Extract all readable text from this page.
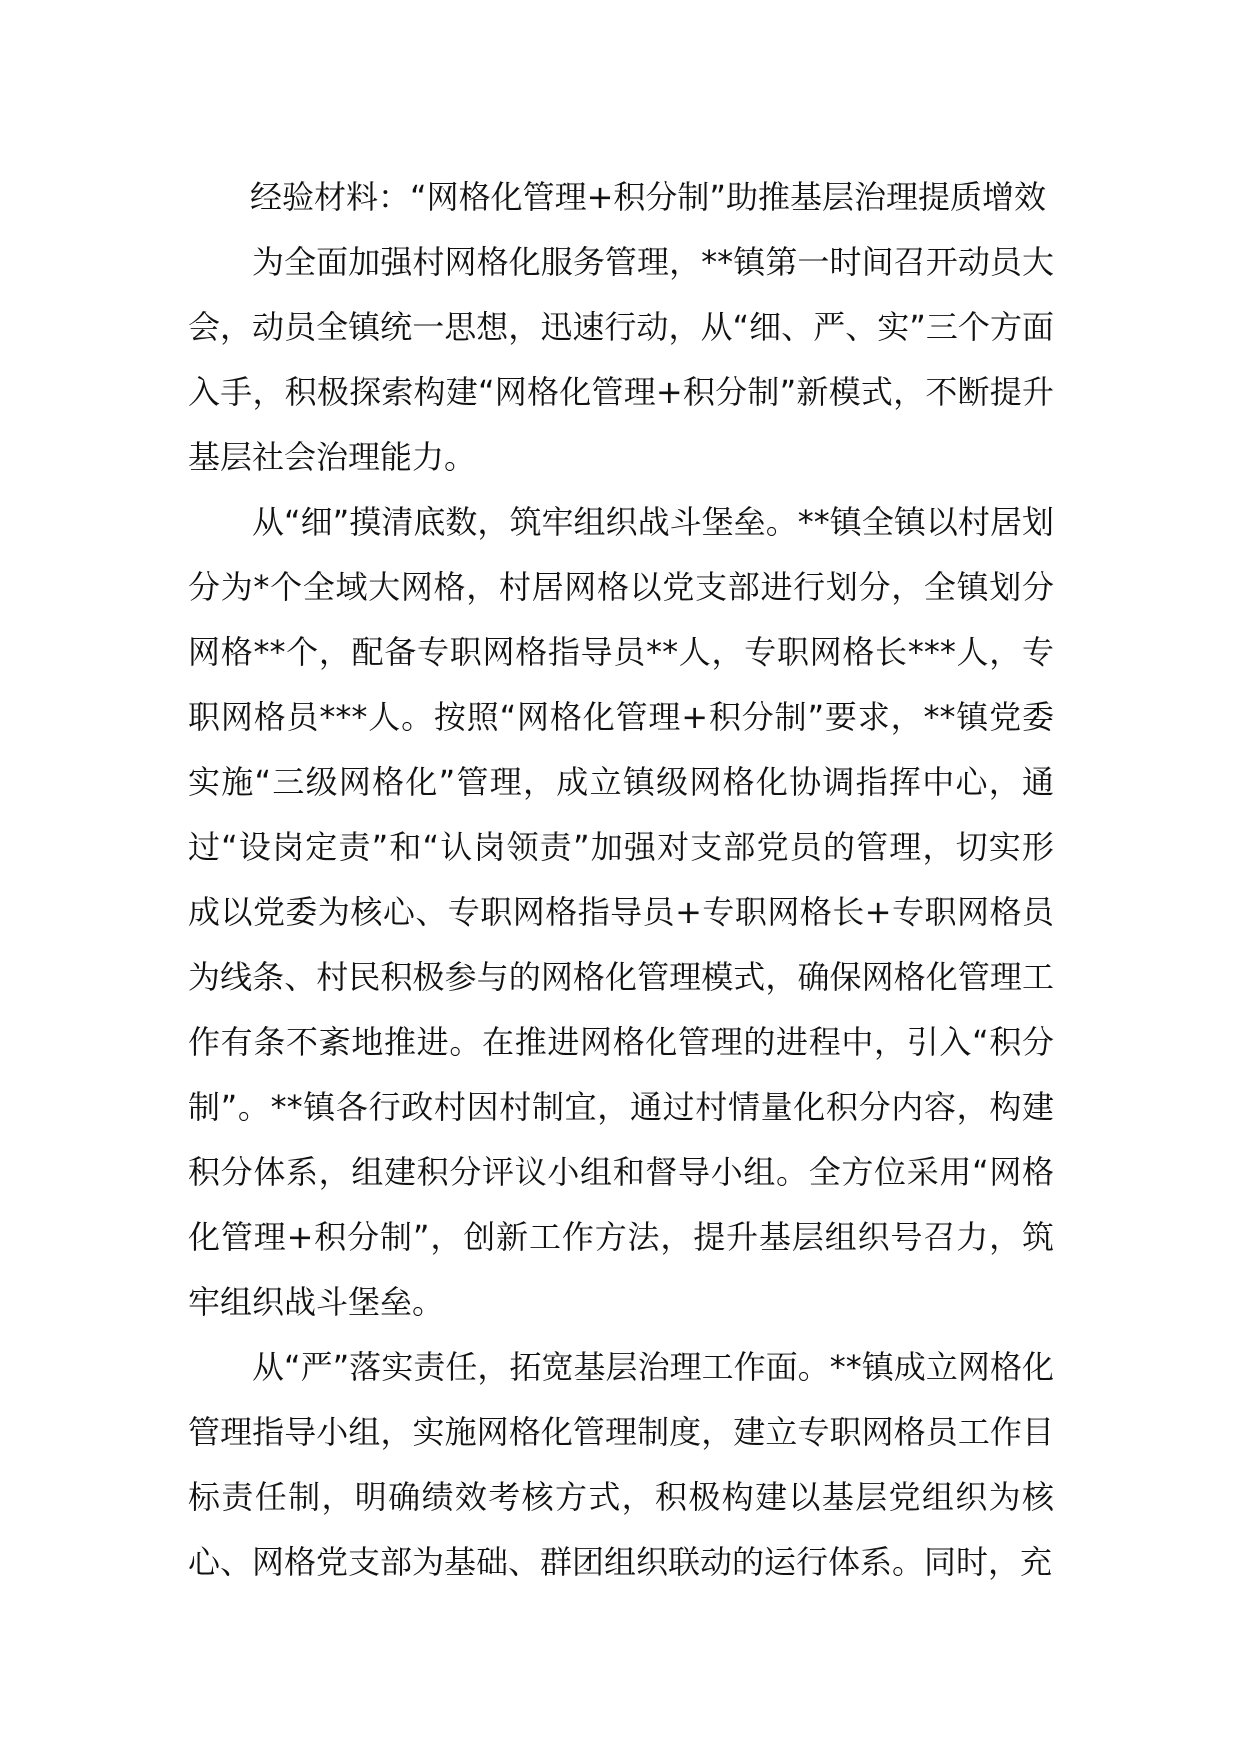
经验材料：“网格化管理+积分制”助推基层治理提质增效

为全面加强村网格化服务管理，**镇第一时间召开动员大会，动员全镇统一思想，迅速行动，从“细、严、实”三个方面入手，积极探索构建“网格化管理+积分制”新模式，不断提升基层社会治理能力。

从“细”摸清底数，筑牢组织战斗堡垒。**镇全镇以村居划分为*个全域大网格，村居网格以党支部进行划分，全镇划分网格**个，配备专职网格指导员**人，专职网格长***人，专职网格员***人。按照“网格化管理+积分制”要求，**镇党委实施“三级网格化”管理，成立镇级网格化协调指挥中心，通过“设岗定责”和“认岗领责”加强对支部党员的管理，切实形成以党委为核心、专职网格指导员+专职网格长+专职网格员为线条、村民积极参与的网格化管理模式，确保网格化管理工作有条不紊地推进。在推进网格化管理的进程中，引入“积分制”。**镇各行政村因村制宜，通过村情量化积分内容，构建积分体系，组建积分评议小组和督导小组。全方位采用“网格化管理+积分制”，创新工作方法，提升基层组织号召力，筑牢组织战斗堡垒。

从“严”落实责任，拓宽基层治理工作面。**镇成立网格化管理指导小组，实施网格化管理制度，建立专职网格员工作目标责任制，明确绩效考核方式，积极构建以基层党组织为核心、网格党支部为基础、群团组织联动的运行体系。同时，充
